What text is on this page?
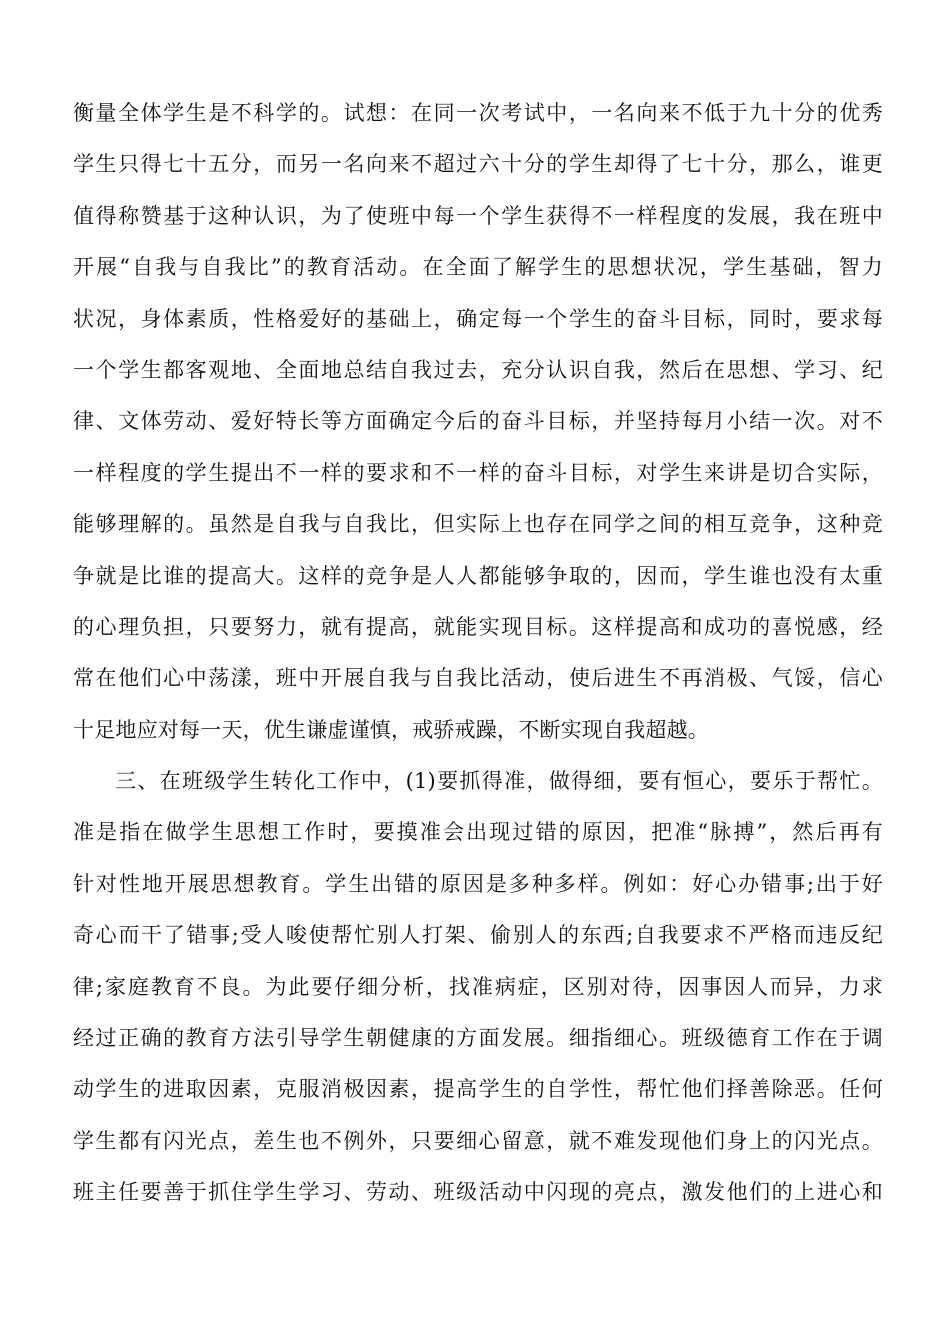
衡量全体学生是不科学的。试想：在同一次考试中，一名向来不低于九十分的优秀
学生只得七十五分，而另一名向来不超过六十分的学生却得了七十分，那么，谁更
值得称赞基于这种认识，为了使班中每一个学生获得不一样程度的发展，我在班中
开展“自我与自我比”的教育活动。在全面了解学生的思想状况，学生基础，智力
状况，身体素质，性格爱好的基础上，确定每一个学生的奋斗目标，同时，要求每
一个学生都客观地、全面地总结自我过去，充分认识自我，然后在思想、学习、纪
律、文体劳动、爱好特长等方面确定今后的奋斗目标，并坚持每月小结一次。对不
一样程度的学生提出不一样的要求和不一样的奋斗目标，对学生来讲是切合实际，
能够理解的。虽然是自我与自我比，但实际上也存在同学之间的相互竞争，这种竞
争就是比谁的提高大。这样的竞争是人人都能够争取的，因而，学生谁也没有太重
的心理负担，只要努力，就有提高，就能实现目标。这样提高和成功的喜悦感，经
常在他们心中荡漾，班中开展自我与自我比活动，使后进生不再消极、气馁，信心
十足地应对每一天，优生谦虚谨慎，戒骄戒躁，不断实现自我超越。
三、在班级学生转化工作中，(1)要抓得准，做得细，要有恒心，要乐于帮忙。
准是指在做学生思想工作时，要摸准会出现过错的原因，把准“脉搏”，然后再有
针对性地开展思想教育。学生出错的原因是多种多样。例如：好心办错事;出于好
奇心而干了错事;受人唆使帮忙别人打架、偷别人的东西;自我要求不严格而违反纪
律;家庭教育不良。为此要仔细分析，找准病症，区别对待，因事因人而异，力求
经过正确的教育方法引导学生朝健康的方面发展。细指细心。班级德育工作在于调
动学生的进取因素，克服消极因素，提高学生的自学性，帮忙他们择善除恶。任何
学生都有闪光点，差生也不例外，只要细心留意，就不难发现他们身上的闪光点。
班主任要善于抓住学生学习、劳动、班级活动中闪现的亮点，激发他们的上进心和
